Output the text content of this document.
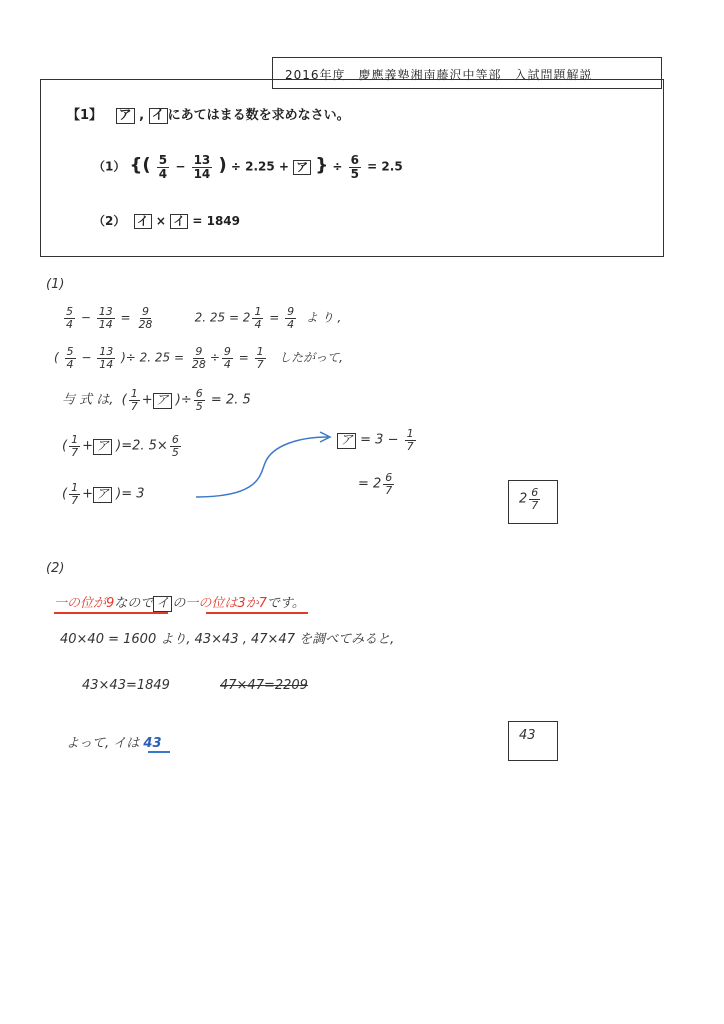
2016年度　慶應義塾湘南藤沢中等部　入試問題解説
【1】 ア , イ にあてはまる数を求めなさい。
（1） {( $\frac{5}{4} - \frac{13}{14}$ ) ÷ 2.25 + ア } ÷ $\frac{6}{5} = 2.5$
（2） イ × イ = 1849
(1)
$\frac{5}{4} - \frac{13}{14} = \frac{9}{28}$	2. $25 = 2 \frac{1}{4} = \frac{9}{4}$ よ り ,
( $\frac{5}{4} - \frac{13}{14}$ )÷ 2. $25 = \frac{9}{28} \div \frac{9}{4} = \frac{1}{7}$ したがって,
与 式 は,  ( $\frac{1}{7}$ + ア )÷ $\frac{6}{5} = 2$. 5
( $\frac{1}{7}$ + ア )=2. $5\times \frac{6}{5}$
( $\frac{1}{7}$ + ア )= 3
ア = $3 - \frac{1}{7}$
= $2 \frac{6}{7}$
$2 \frac{6}{7}$
(2)
一の位が9なので イ の一の位は3か7です。
40×40 = 1600 より, 43×43 , 47×47 を調べてみると,
43×43=1849	47×47=2209
よって, イは 43
43
